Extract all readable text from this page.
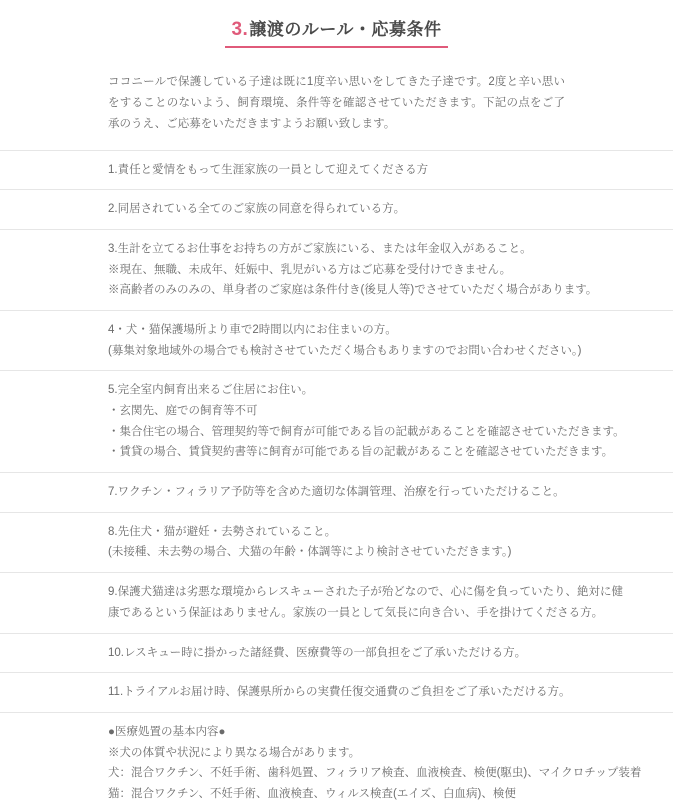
3.譲渡のルール・応募条件

ココニールで保護している子達は既に1度辛い思いをしてきた子達です。2度と辛い思いをすることのないよう、飼育環境、条件等を確認させていただきます。下記の点をご了承のうえ、ご応募をいただきますようお願い致します。

1.責任と愛情をもって生涯家族の一員として迎えてくださる方
2.同居されている全てのご家族の同意を得られている方。
3.生計を立てるお仕事をお持ちの方がご家族にいる、または年金収入があること。
※現在、無職、未成年、妊娠中、乳児がいる方はご応募を受付けできません。
※高齢者のみのみの、単身者のご家庭は条件付き(後見人等)でさせていただく場合があります。
4・犬・猫保護場所より車で2時間以内にお住まいの方。
(募集対象地域外の場合でも検討させていただく場合もありますのでお問い合わせください。)
5.完全室内飼育出来るご住居にお住い。
・玄関先、庭での飼育等不可
・集合住宅の場合、管理契約等で飼育が可能である旨の記載があることを確認させていただきます。
・賃貸の場合、賃貸契約書等に飼育が可能である旨の記載があることを確認させていただきます。
7.ワクチン・フィラリア予防等を含めた適切な体調管理、治療を行っていただけること。
8.先住犬・猫が避妊・去勢されていること。
(未接種、未去勢の場合、犬猫の年齢・体調等により検討させていただきます。)
9.保護犬猫達は劣悪な環境からレスキューされた子が殆どなので、心に傷を負っていたり、絶対に健
康であるという保証はありません。家族の一員として気長に向き合い、手を掛けてくださる方。
10.レスキュー時に掛かった諸経費、医療費等の一部負担をご了承いただける方。
11.トライアルお届け時、保護県所からの実費任復交通費のご負担をご了承いただける方。
●医療処置の基本内容●
※犬の体質や状況により異なる場合があります。
犬：混合ワクチン、不妊手術、歯科処置、フィラリア検査、血液検査、検便(駆虫)、マイクロチップ装着
猫：混合ワクチン、不妊手術、血液検査、ウィルス検査(エイズ、白血病)、検便
